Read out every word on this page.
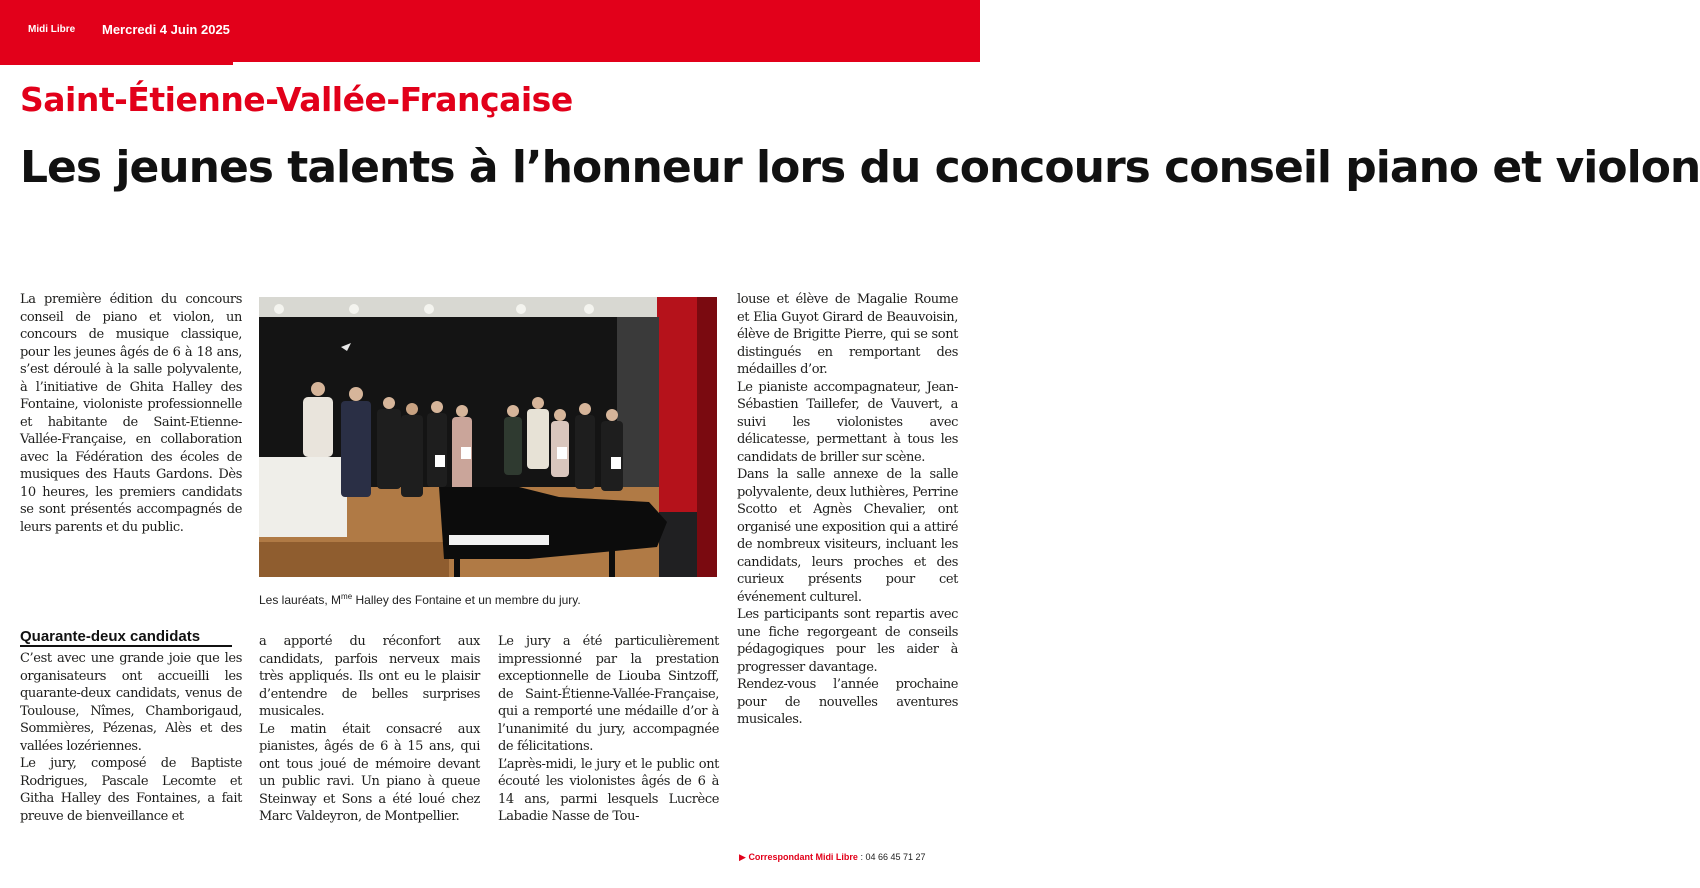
Midi Libre Mercredi 4 Juin 2025
Saint-Étienne-Vallée-Française
Les jeunes talents à l’honneur lors du concours conseil piano et violon

La première édition du concours conseil de piano et violon, un concours de musique classique, pour les jeunes âgés de 6 à 18 ans, s’est déroulé à la salle polyvalente, à l’initiative de Ghita Halley des Fontaine, violoniste professionnelle et habitante de Saint-Etienne-Vallée-Française, en collaboration avec la Fédération des écoles de musiques des Hauts Gardons. Dès 10 heures, les premiers candidats se sont présentés accompagnés de leurs parents et du public.

Quarante-deux candidats

C’est avec une grande joie que les organisateurs ont accueilli les quarante-deux candidats, venus de Toulouse, Nîmes, Chamborigaud, Sommières, Pézenas, Alès et des vallées lozériennes.

Le jury, composé de Baptiste Rodrigues, Pascale Lecomte et Githa Halley des Fontaines, a fait preuve de bienveillance et

Les lauréats, $M^{me}$ Halley des Fontaine et un membre du jury.

a apporté du réconfort aux candidats, parfois nerveux mais très appliqués. Ils ont eu le plaisir d’entendre de belles surprises musicales.

Le matin était consacré aux pianistes, âgés de 6 à 15 ans, qui ont tous joué de mémoire devant un public ravi. Un piano à queue Steinway et Sons a été loué chez Marc Valdeyron, de Montpellier.

Le jury a été particulièrement impressionné par la prestation exceptionnelle de Liouba Sintzoff, de Saint-Étienne-Vallée-Française, qui a remporté une médaille d’or à l’unanimité du jury, accompagnée de félicitations.

L’après-midi, le jury et le public ont écouté les violonistes âgés de 6 à 14 ans, parmi lesquels Lucrèce Labadie Nasse de Tou-

louse et élève de Magalie Roume et Elia Guyot Girard de Beauvoisin, élève de Brigitte Pierre, qui se sont distingués en remportant des médailles d’or.

Le pianiste accompagnateur, Jean-Sébastien Taillefer, de Vauvert, a suivi les violonistes avec délicatesse, permettant à tous les candidats de briller sur scène.

Dans la salle annexe de la salle polyvalente, deux luthières, Perrine Scotto et Agnès Chevalier, ont organisé une exposition qui a attiré de nombreux visiteurs, incluant les candidats, leurs proches et des curieux présents pour cet événement culturel.

Les participants sont repartis avec une fiche regorgeant de conseils pédagogiques pour les aider à progresser davantage.

Rendez-vous l’année prochaine pour de nouvelles aventures musicales.

▶ Correspondant Midi Libre : 04 66 45 71 27
